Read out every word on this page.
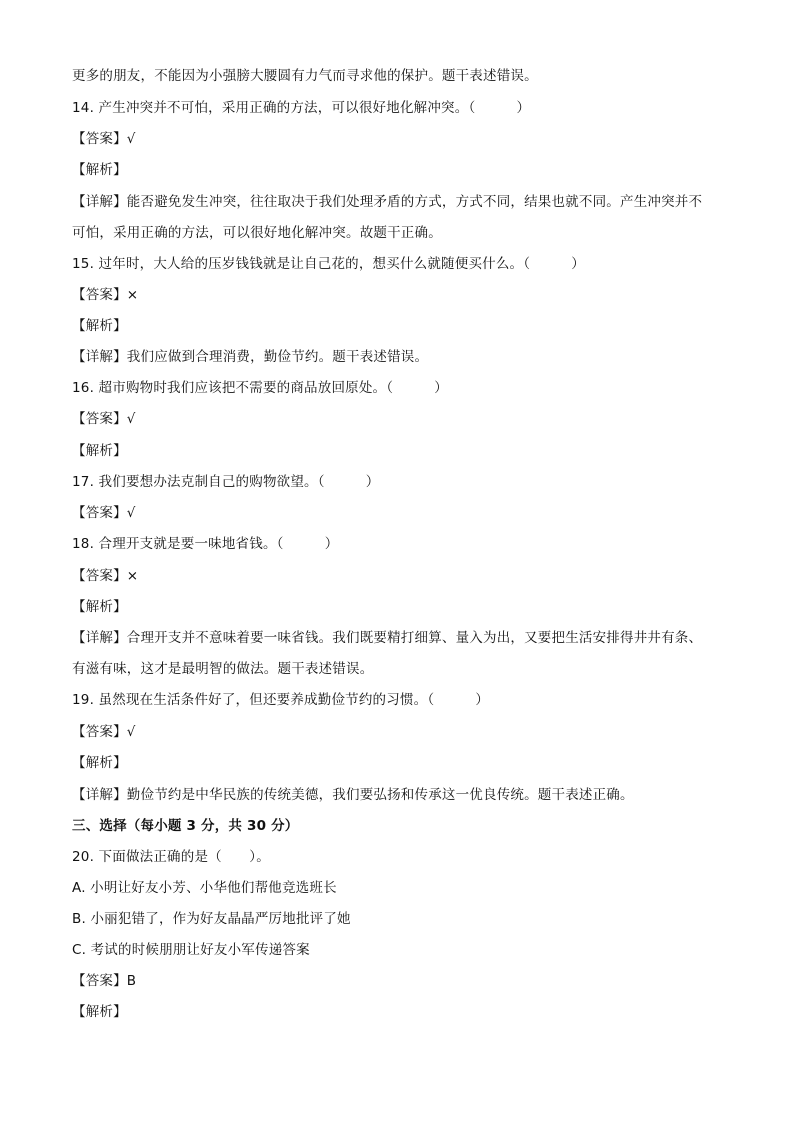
更多的朋友，不能因为小强膀大腰圆有力气而寻求他的保护。题干表述错误。
14. 产生冲突并不可怕，采用正确的方法，可以很好地化解冲突。（　　　）
【答案】√
【解析】
【详解】能否避免发生冲突，往往取决于我们处理矛盾的方式，方式不同，结果也就不同。产生冲突并不
可怕，采用正确的方法，可以很好地化解冲突。故题干正确。
15. 过年时，大人给的压岁钱钱就是让自己花的，想买什么就随便买什么。（　　　）
【答案】×
【解析】
【详解】我们应做到合理消费，勤俭节约。题干表述错误。
16. 超市购物时我们应该把不需要的商品放回原处。（　　　）
【答案】√
【解析】
17. 我们要想办法克制自己的购物欲望。（　　　）
【答案】√
18. 合理开支就是要一味地省钱。（　　　）
【答案】×
【解析】
【详解】合理开支并不意味着要一味省钱。我们既要精打细算、量入为出，又要把生活安排得井井有条、
有滋有味，这才是最明智的做法。题干表述错误。
19. 虽然现在生活条件好了，但还要养成勤俭节约的习惯。（　　　）
【答案】√
【解析】
【详解】勤俭节约是中华民族的传统美德，我们要弘扬和传承这一优良传统。题干表述正确。
三、选择（每小题 3 分，共 30 分）
20. 下面做法正确的是（　　）。
A. 小明让好友小芳、小华他们帮他竞选班长
B. 小丽犯错了，作为好友晶晶严厉地批评了她
C. 考试的时候朋朋让好友小军传递答案
【答案】B
【解析】
